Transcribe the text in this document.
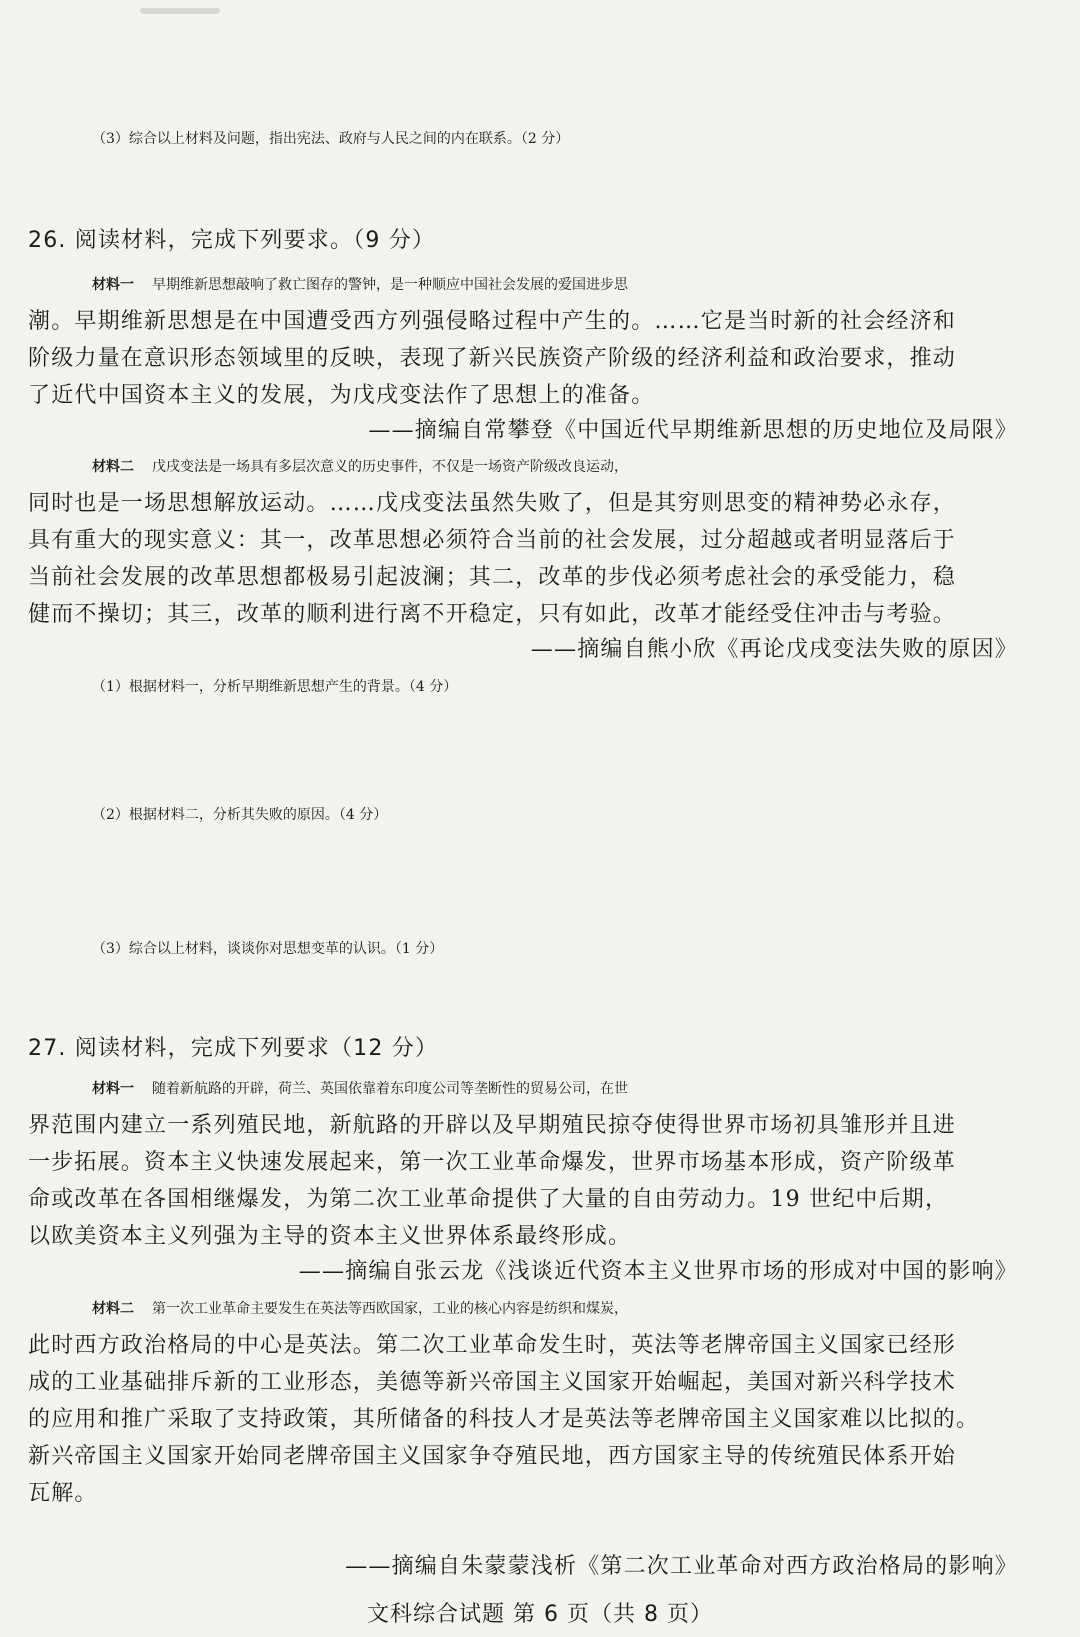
（3）综合以上材料及问题，指出宪法、政府与人民之间的内在联系。（2 分）
26. 阅读材料，完成下列要求。（9 分）
材料一 早期维新思想敲响了救亡图存的警钟，是一种顺应中国社会发展的爱国进步思
潮。早期维新思想是在中国遭受西方列强侵略过程中产生的。……它是当时新的社会经济和
阶级力量在意识形态领域里的反映，表现了新兴民族资产阶级的经济利益和政治要求，推动
了近代中国资本主义的发展，为戊戌变法作了思想上的准备。
——摘编自常攀登《中国近代早期维新思想的历史地位及局限》
材料二 戊戌变法是一场具有多层次意义的历史事件，不仅是一场资产阶级改良运动，
同时也是一场思想解放运动。……戊戌变法虽然失败了，但是其穷则思变的精神势必永存，
具有重大的现实意义：其一，改革思想必须符合当前的社会发展，过分超越或者明显落后于
当前社会发展的改革思想都极易引起波澜；其二，改革的步伐必须考虑社会的承受能力，稳
健而不操切；其三，改革的顺利进行离不开稳定，只有如此，改革才能经受住冲击与考验。
——摘编自熊小欣《再论戊戌变法失败的原因》
（1）根据材料一，分析早期维新思想产生的背景。（4 分）
（2）根据材料二，分析其失败的原因。（4 分）
（3）综合以上材料，谈谈你对思想变革的认识。（1 分）
27. 阅读材料，完成下列要求（12 分）
材料一 随着新航路的开辟，荷兰、英国依靠着东印度公司等垄断性的贸易公司，在世
界范围内建立一系列殖民地，新航路的开辟以及早期殖民掠夺使得世界市场初具雏形并且进
一步拓展。资本主义快速发展起来，第一次工业革命爆发，世界市场基本形成，资产阶级革
命或改革在各国相继爆发，为第二次工业革命提供了大量的自由劳动力。19 世纪中后期，
以欧美资本主义列强为主导的资本主义世界体系最终形成。
——摘编自张云龙《浅谈近代资本主义世界市场的形成对中国的影响》
材料二 第一次工业革命主要发生在英法等西欧国家，工业的核心内容是纺织和煤炭，
此时西方政治格局的中心是英法。第二次工业革命发生时，英法等老牌帝国主义国家已经形
成的工业基础排斥新的工业形态，美德等新兴帝国主义国家开始崛起，美国对新兴科学技术
的应用和推广采取了支持政策，其所储备的科技人才是英法等老牌帝国主义国家难以比拟的。
新兴帝国主义国家开始同老牌帝国主义国家争夺殖民地，西方国家主导的传统殖民体系开始
瓦解。
——摘编自朱蒙蒙浅析《第二次工业革命对西方政治格局的影响》
文科综合试题 第 6 页（共 8 页）
